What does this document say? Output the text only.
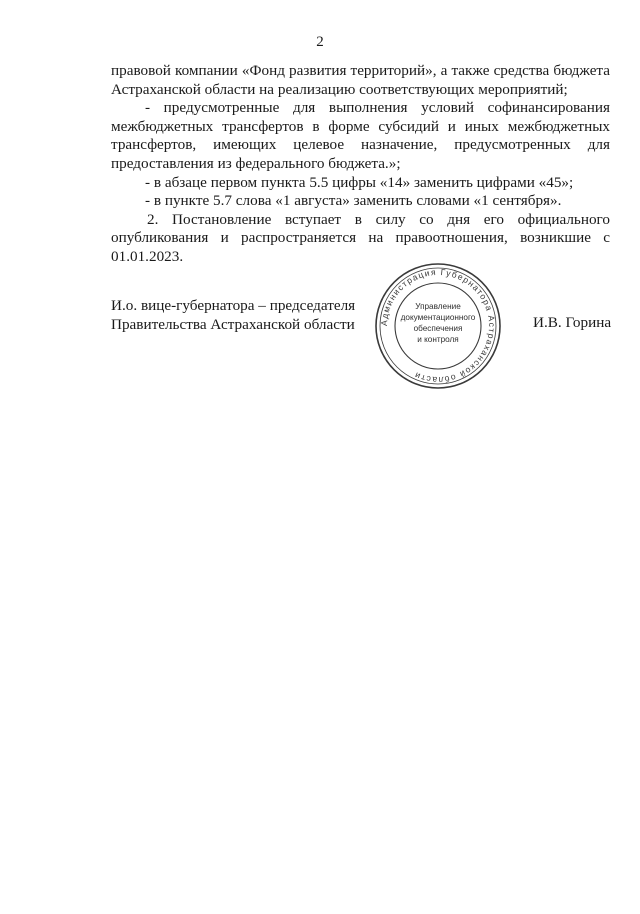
2

правовой компании «Фонд развития территорий», а также средства бюджета Астраханской области на реализацию соответствующих мероприятий;

- предусмотренные для выполнения условий софинансирования межбюджетных трансфертов в форме субсидий и иных межбюджетных трансфертов, имеющих целевое назначение, предусмотренных для предоставления из федерального бюджета.»;

- в абзаце первом пункта 5.5 цифры «14» заменить цифрами «45»;

- в пункте 5.7 слова «1 августа» заменить словами «1 сентября».

2. Постановление вступает в силу со дня его официального опубликования и распространяется на правоотношения, возникшие с 01.01.2023.

И.о. вице-губернатора – председателя
Правительства Астраханской области	Администрация Губернатора Астраханской области
Управление
документационного
обеспечения
и контроля
И.В. Горина
